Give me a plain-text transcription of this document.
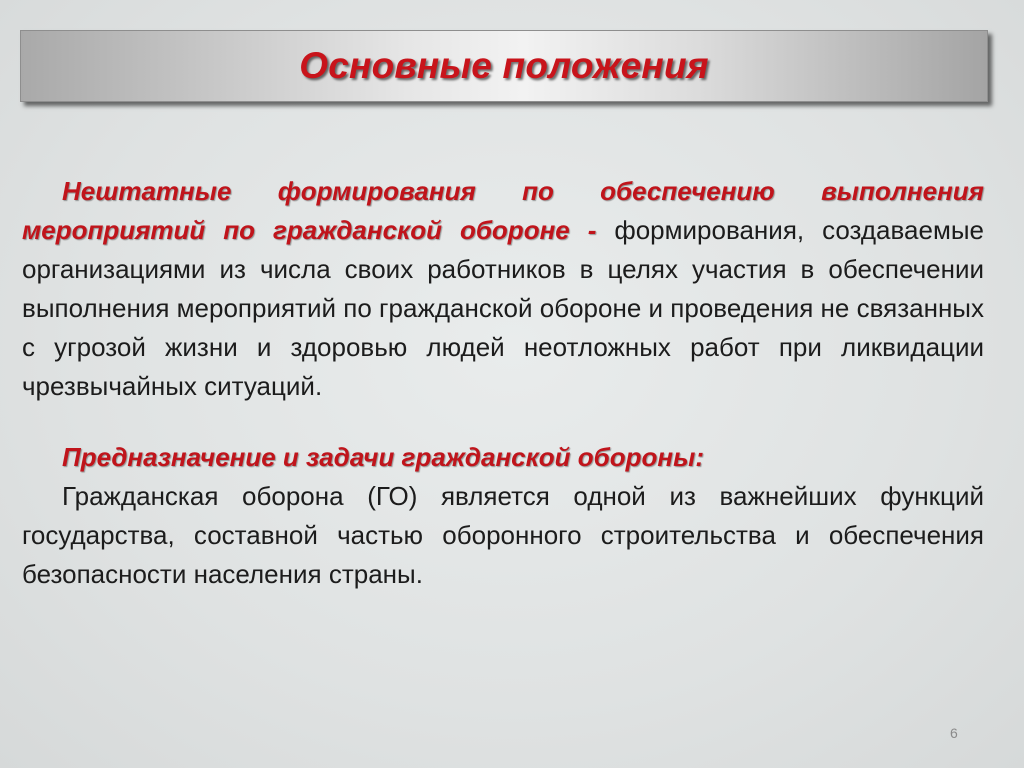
Основные положения

Нештатные формирования по обеспечению выполнения мероприятий по гражданской обороне - формирования, создаваемые организациями из числа своих работников в целях участия в обеспечении выполнения мероприятий по гражданской обороне и проведения не связанных с угрозой жизни и здоровью людей неотложных работ при ликвидации чрезвычайных ситуаций.

Предназначение и задачи гражданской обороны:

Гражданская оборона (ГО) является одной из важнейших функций государства, составной частью оборонного строительства и обеспечения безопасности населения страны.

6
